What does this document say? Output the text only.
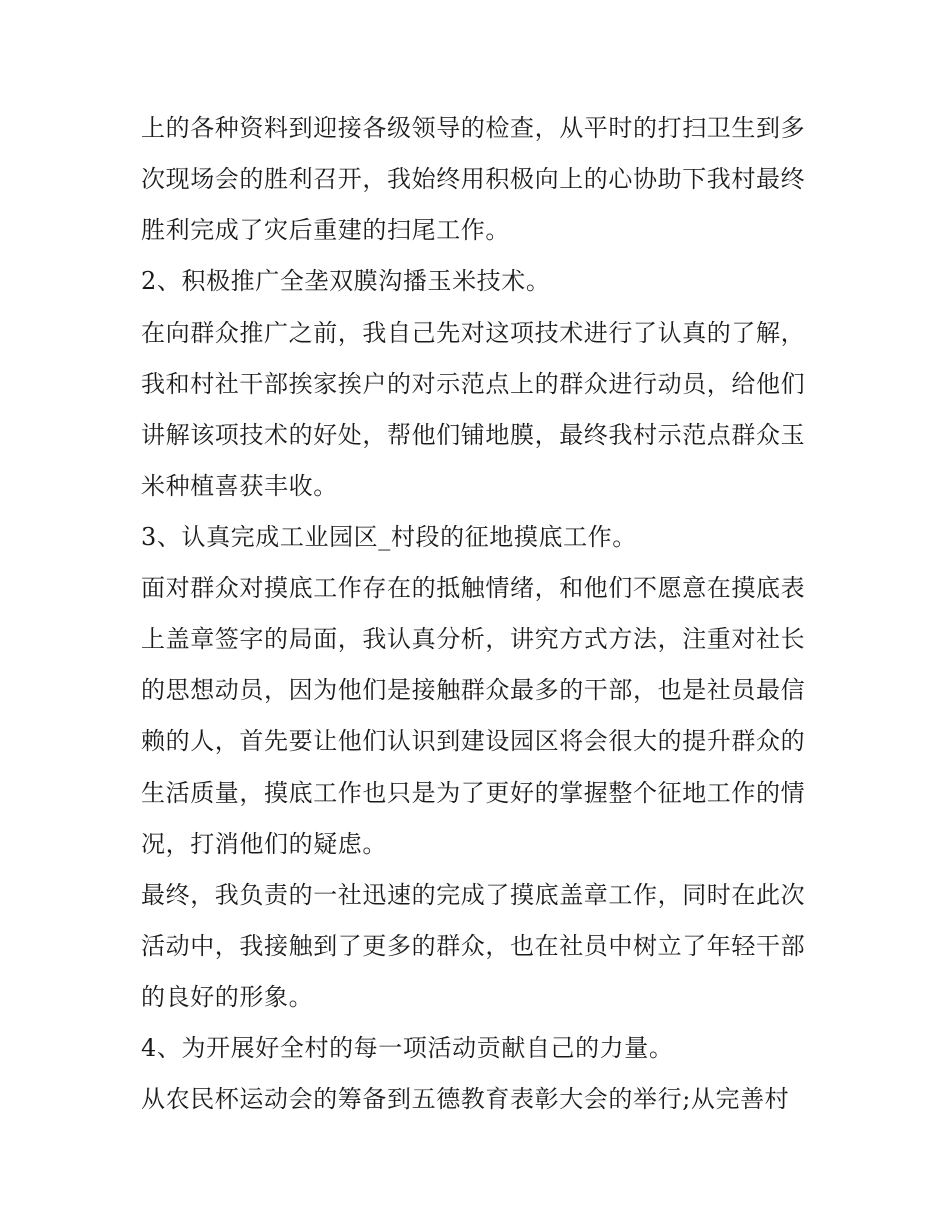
上的各种资料到迎接各级领导的检查，从平时的打扫卫生到多
次现场会的胜利召开，我始终用积极向上的心协助下我村最终
胜利完成了灾后重建的扫尾工作。
2、积极推广全垄双膜沟播玉米技术。
在向群众推广之前，我自己先对这项技术进行了认真的了解，
我和村社干部挨家挨户的对示范点上的群众进行动员，给他们
讲解该项技术的好处，帮他们铺地膜，最终我村示范点群众玉
米种植喜获丰收。
3、认真完成工业园区_村段的征地摸底工作。
面对群众对摸底工作存在的抵触情绪，和他们不愿意在摸底表
上盖章签字的局面，我认真分析，讲究方式方法，注重对社长
的思想动员，因为他们是接触群众最多的干部，也是社员最信
赖的人，首先要让他们认识到建设园区将会很大的提升群众的
生活质量，摸底工作也只是为了更好的掌握整个征地工作的情
况，打消他们的疑虑。
最终，我负责的一社迅速的完成了摸底盖章工作，同时在此次
活动中，我接触到了更多的群众，也在社员中树立了年轻干部
的良好的形象。
4、为开展好全村的每一项活动贡献自己的力量。
从农民杯运动会的筹备到五德教育表彰大会的举行;从完善村
